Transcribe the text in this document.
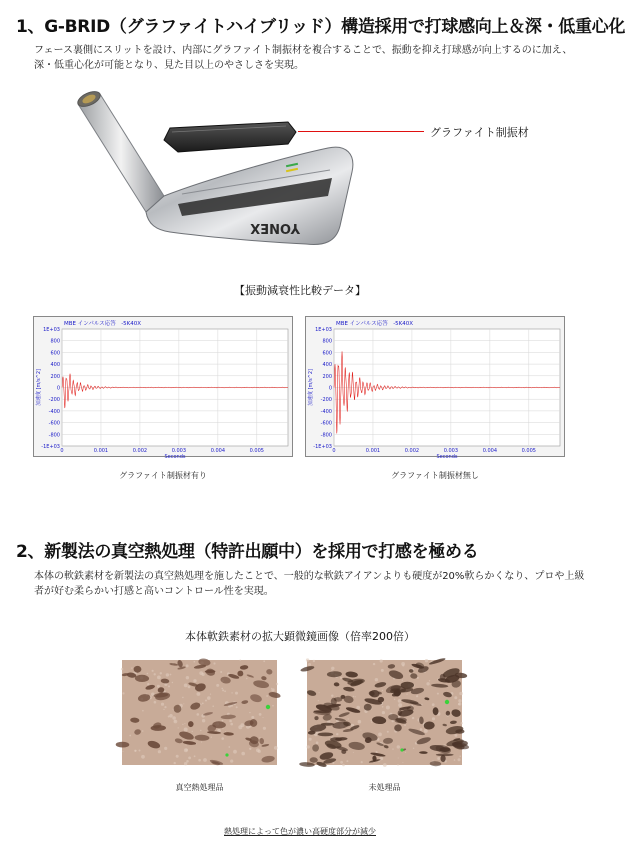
1、G-BRID（グラファイトハイブリッド）構造採用で打球感向上＆深・低重心化
フェース裏側にスリットを設け、内部にグラファイト制振材を複合することで、振動を抑え打球感が向上するのに加え、深・低重心化が可能となり、見た目以上のやさしさを実現。
YONEX
グラファイト制振材
【振動減衰性比較データ】
MBE インパルス応答　-5K40X
1E+03
800
600
400
200
0
-200
-400
-600
-800
-1E+03
0	0.001	0.002	0.003	0.004	0.005
Seconds
加速度 [m/s^2]
MBE インパルス応答　-5K40X
1E+03
800
600
400
200
0
-200
-400
-600
-800
-1E+03
0	0.001	0.002	0.003	0.004	0.005
Seconds
加速度 [m/s^2]
グラファイト制振材有り	グラファイト制振材無し
2、新製法の真空熱処理（特許出願中）を採用で打感を極める
本体の軟鉄素材を新製法の真空熱処理を施したことで、一般的な軟鉄アイアンよりも硬度が20%軟らかくなり、プロや上級者が好む柔らかい打感と高いコントロール性を実現。
本体軟鉄素材の拡大顕微鏡画像（倍率200倍）
真空熱処理品	未処理品
熱処理によって色が濃い高硬度部分が減少
